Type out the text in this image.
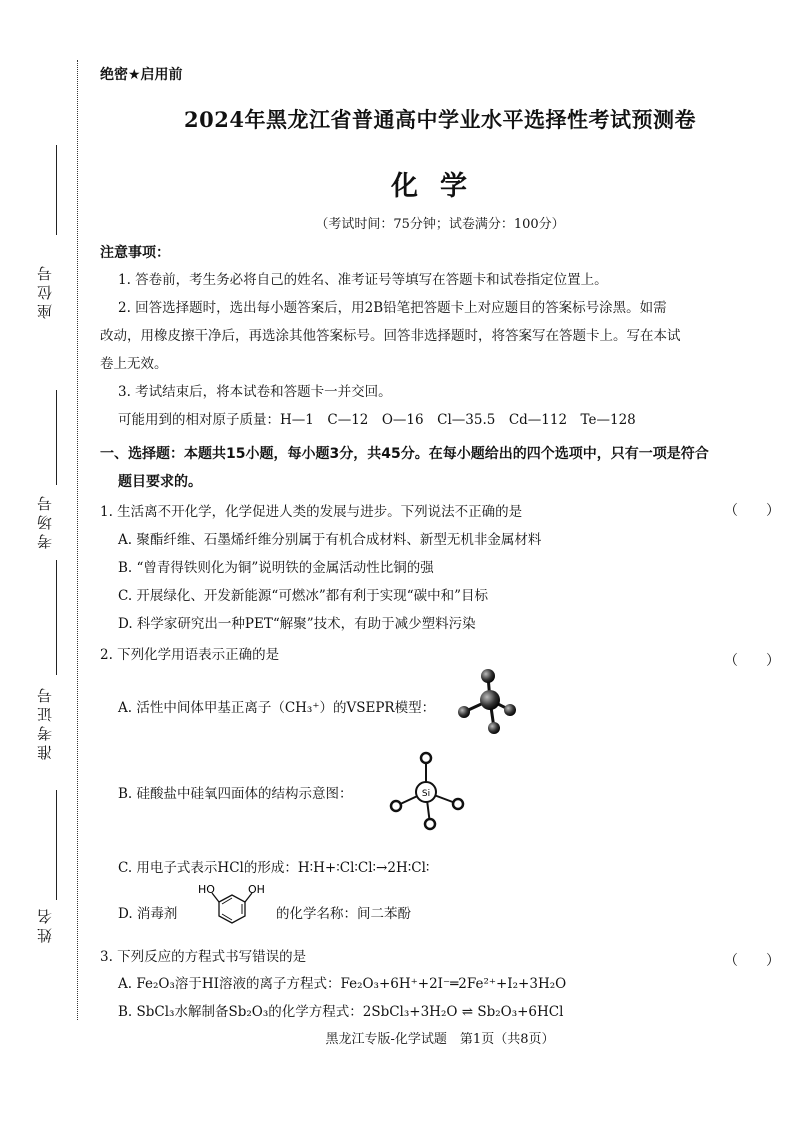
座位号
考场号
准考证号
姓名
绝密★启用前
2024年黑龙江省普通高中学业水平选择性考试预测卷
化学
（考试时间：75分钟；试卷满分：100分）
注意事项：
1. 答卷前，考生务必将自己的姓名、准考证号等填写在答题卡和试卷指定位置上。
2. 回答选择题时，选出每小题答案后，用2B铅笔把答题卡上对应题目的答案标号涂黑。如需
改动，用橡皮擦干净后，再选涂其他答案标号。回答非选择题时，将答案写在答题卡上。写在本试
卷上无效。
3. 考试结束后，将本试卷和答题卡一并交回。
可能用到的相对原子质量：H—1　C—12　O—16　Cl—35.5　Cd—112　Te—128
一、选择题：本题共15小题，每小题3分，共45分。在每小题给出的四个选项中，只有一项是符合
题目要求的。
1. 生活离不开化学，化学促进人类的发展与进步。下列说法不正确的是	（　　）
A. 聚酯纤维、石墨烯纤维分别属于有机合成材料、新型无机非金属材料
B. “曾青得铁则化为铜”说明铁的金属活动性比铜的强
C. 开展绿化、开发新能源“可燃冰”都有利于实现“碳中和”目标
D. 科学家研究出一种PET“解聚”技术，有助于减少塑料污染
2. 下列化学用语表示正确的是	（　　）
A. 活性中间体甲基正离子（CH₃⁺）的VSEPR模型：
B. 硅酸盐中硅氧四面体的结构示意图：	Si
C. 用电子式表示HCl的形成：H∶H+∶Cl∶Cl∶→2H∶Cl∶
D. 消毒剂	的化学名称：间二苯酚
HO	OH
3. 下列反应的方程式书写错误的是	（　　）
A. Fe₂O₃溶于HI溶液的离子方程式：Fe₂O₃+6H⁺+2I⁻═2Fe²⁺+I₂+3H₂O
B. SbCl₃水解制备Sb₂O₃的化学方程式：2SbCl₃+3H₂O ⇌ Sb₂O₃+6HCl
黑龙江专版-化学试题　第1页（共8页）
